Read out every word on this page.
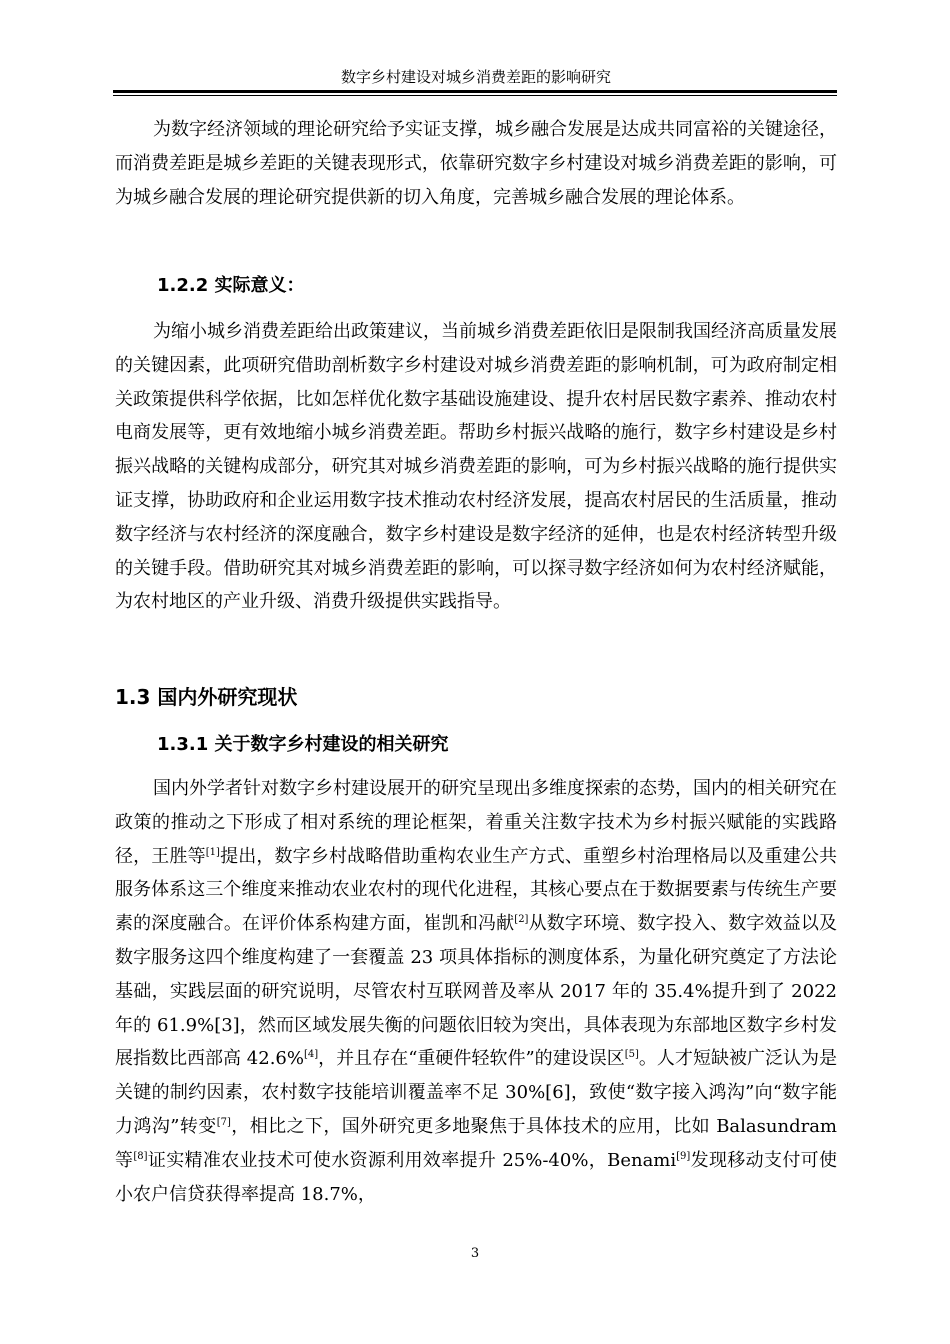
数字乡村建设对城乡消费差距的影响研究

为数字经济领域的理论研究给予实证支撑，城乡融合发展是达成共同富裕的关键途径，而消费差距是城乡差距的关键表现形式，依靠研究数字乡村建设对城乡消费差距的影响，可为城乡融合发展的理论研究提供新的切入角度，完善城乡融合发展的理论体系。

1.2.2 实际意义：

为缩小城乡消费差距给出政策建议，当前城乡消费差距依旧是限制我国经济高质量发展的关键因素，此项研究借助剖析数字乡村建设对城乡消费差距的影响机制，可为政府制定相关政策提供科学依据，比如怎样优化数字基础设施建设、提升农村居民数字素养、推动农村电商发展等，更有效地缩小城乡消费差距。帮助乡村振兴战略的施行，数字乡村建设是乡村振兴战略的关键构成部分，研究其对城乡消费差距的影响，可为乡村振兴战略的施行提供实证支撑，协助政府和企业运用数字技术推动农村经济发展，提高农村居民的生活质量，推动数字经济与农村经济的深度融合，数字乡村建设是数字经济的延伸，也是农村经济转型升级的关键手段。借助研究其对城乡消费差距的影响，可以探寻数字经济如何为农村经济赋能，为农村地区的产业升级、消费升级提供实践指导。

1.3 国内外研究现状
1.3.1 关于数字乡村建设的相关研究

国内外学者针对数字乡村建设展开的研究呈现出多维度探索的态势，国内的相关研究在政策的推动之下形成了相对系统的理论框架，着重关注数字技术为乡村振兴赋能的实践路径，王胜等[1]提出，数字乡村战略借助重构农业生产方式、重塑乡村治理格局以及重建公共服务体系这三个维度来推动农业农村的现代化进程，其核心要点在于数据要素与传统生产要素的深度融合。在评价体系构建方面，崔凯和冯献[2]从数字环境、数字投入、数字效益以及数字服务这四个维度构建了一套覆盖 23 项具体指标的测度体系，为量化研究奠定了方法论基础，实践层面的研究说明，尽管农村互联网普及率从 2017 年的 35.4%提升到了 2022 年的 61.9%[3]，然而区域发展失衡的问题依旧较为突出，具体表现为东部地区数字乡村发展指数比西部高 42.6%[4]，并且存在“重硬件轻软件”的建设误区[5]。人才短缺被广泛认为是关键的制约因素，农村数字技能培训覆盖率不足 30%[6]，致使“数字接入鸿沟”向“数字能力鸿沟”转变[7]，相比之下，国外研究更多地聚焦于具体技术的应用，比如 Balasundram 等[8]证实精准农业技术可使水资源利用效率提升 25%-40%，Benami[9]发现移动支付可使小农户信贷获得率提高 18.7%，

3
